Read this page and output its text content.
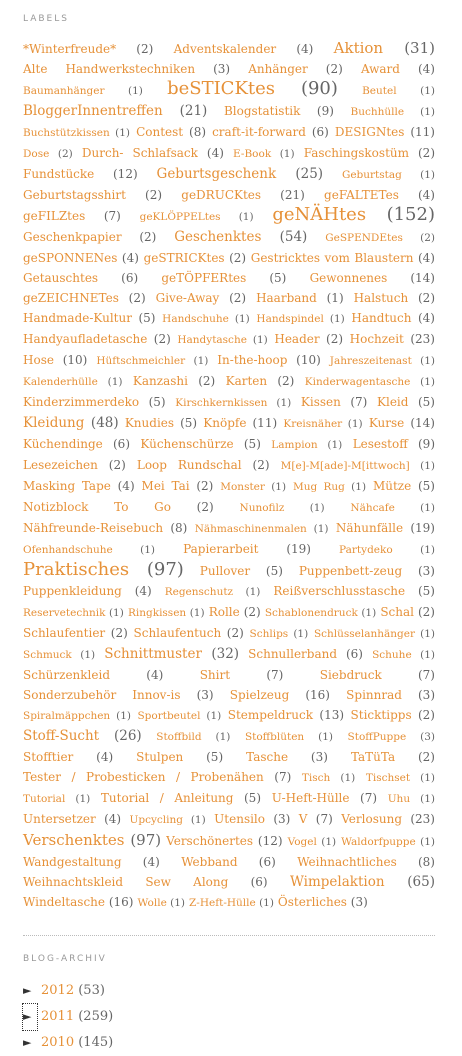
LABELS
*Winterfreude* (2) Adventskalender (4) Aktion (31) Alte Handwerkstechniken (3) Anhänger (2) Award (4) Baumanhänger (1) beSTICKtes (90) Beutel (1) BloggerInnentreffen (21) Blogstatistik (9) Buchhülle (1) Buchstützkissen (1) Contest (8) craft-it-forward (6) DESIGNtes (11) Dose (2) Durch- Schlafsack (4) E-Book (1) Faschingskostüm (2) Fundstücke (12) Geburtsgeschenk (25) Geburtstag (1) Geburtstagsshirt (2) geDRUCKtes (21) geFALTETes (4) geFILZtes (7) geKLÖPPELtes (1) geNÄHtes (152) Geschenkpapier (2) Geschenktes (54) GeSPENDEtes (2) geSPONNENes (4) geSTRICKtes (2) Gestricktes vom Blaustern (4) Getauschtes (6) geTÖPFERtes (5) Gewonnenes (14) geZEICHNETes (2) Give-Away (2) Haarband (1) Halstuch (2) Handmade-Kultur (5) Handschuhe (1) Handspindel (1) Handtuch (4) Handyaufladetasche (2) Handytasche (1) Header (2) Hochzeit (23) Hose (10) Hüftschmeichler (1) In-the-hoop (10) Jahreszeitenast (1) Kalenderhülle (1) Kanzashi (2) Karten (2) Kinderwagentasche (1) Kinderzimmerdeko (5) Kirschkernkissen (1) Kissen (7) Kleid (5) Kleidung (48) Knudies (5) Knöpfe (11) Kreisnäher (1) Kurse (14) Küchendinge (6) Küchenschürze (5) Lampion (1) Lesestoff (9) Lesezeichen (2) Loop Rundschal (2) M[e]-M[ade]-M[ittwoch] (1) Masking Tape (4) Mei Tai (2) Monster (1) Mug Rug (1) Mütze (5) Notizblock To Go (2) Nunofilz (1) Nähcafe (1) Nähfreunde-Reisebuch (8) Nähmaschinenmalen (1) Nähunfälle (19) Ofenhandschuhe	(1) Papierarbeit (19)	Partydeko	(1) Praktisches (97) Pullover (5) Puppenbett-zeug (3) Puppenkleidung (4) Regenschutz (1) Reißverschlusstasche (5) Reservetechnik (1) Ringkissen (1) Rolle (2) Schablonendruck (1) Schal (2) Schlaufentier (2) Schlaufentuch (2) Schlips (1) Schlüsselanhänger (1) Schmuck (1) Schnittmuster (32) Schnullerband (6) Schuhe (1) Schürzenkleid	(4)	Shirt	(7)	Siebdruck	(7) Sonderzubehör Innov-is (3) Spielzeug (16) Spinnrad (3) Spiralmäppchen (1) Sportbeutel (1) Stempeldruck (13) Sticktipps (2) Stoff-Sucht (26) Stoffbild (1) Stoffblüten (1) StoffPuppe (3) Stofftier (4) Stulpen (5) Tasche (3) TaTüTa (2) Tester / Probesticken / Probenähen (7) Tisch (1) Tischset (1) Tutorial (1) Tutorial / Anleitung (5) U-Heft-Hülle (7) Uhu (1) Untersetzer (4) Upcycling (1) Utensilo (3) V (7) Verlosung (23) Verschenktes (97) Verschönertes (12) Vogel (1) Waldorfpuppe (1) Wandgestaltung (4) Webband (6) Weihnachtliches (8) Weihnachtskleid Sew Along (6) Wimpelaktion (65) Windeltasche (16) Wolle (1) Z-Heft-Hülle (1) Österliches (3)
BLOG-ARCHIV
► 2012 (53)
► 2011 (259)
► 2010 (145)
